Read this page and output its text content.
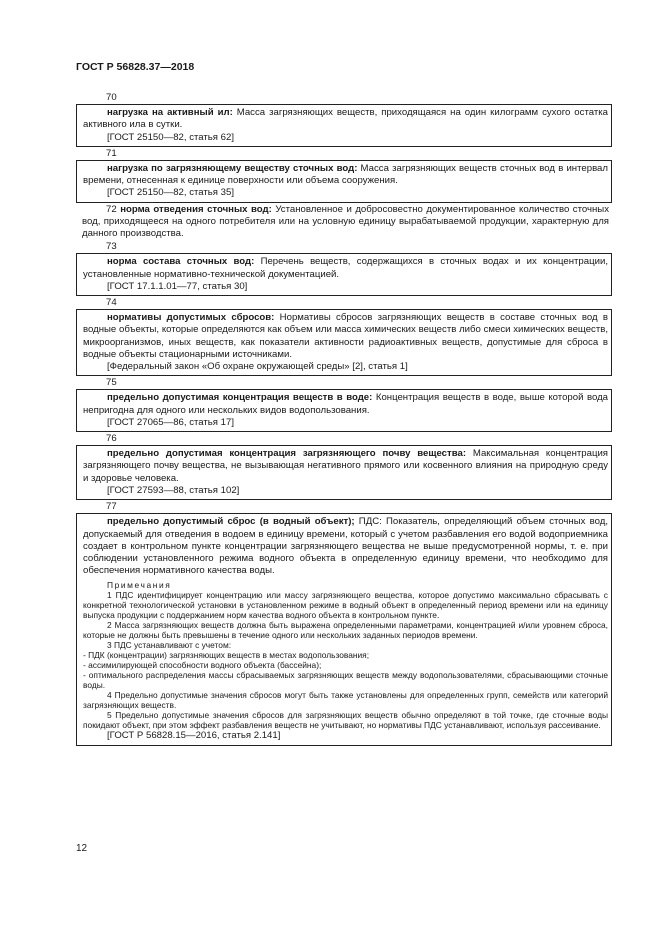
ГОСТ Р 56828.37—2018

70

нагрузка на активный ил: Масса загрязняющих веществ, приходящаяся на один килограмм сухого остатка активного ила в сутки.

[ГОСТ 25150—82, статья 62]

71

нагрузка по загрязняющему веществу сточных вод: Масса загрязняющих веществ сточных вод в интервал времени, отнесенная к единице поверхности или объема сооружения.

[ГОСТ 25150—82, статья 35]

72 норма отведения сточных вод: Установленное и добросовестно документированное количество сточных вод, приходящееся на одного потребителя или на условную единицу вырабатываемой продукции, характерную для данного производства.

73

норма состава сточных вод: Перечень веществ, содержащихся в сточных водах и их концентрации, установленные нормативно-технической документацией.

[ГОСТ 17.1.1.01—77, статья 30]

74

нормативы допустимых сбросов: Нормативы сбросов загрязняющих веществ в составе сточных вод в водные объекты, которые определяются как объем или масса химических веществ либо смеси химических веществ, микроорганизмов, иных веществ, как показатели активности радиоактивных веществ, допустимые для сброса в водные объекты стационарными источниками.

[Федеральный закон «Об охране окружающей среды» [2], статья 1]

75

предельно допустимая концентрация веществ в воде: Концентрация веществ в воде, выше которой вода непригодна для одного или нескольких видов водопользования.

[ГОСТ 27065—86, статья 17]

76

предельно допустимая концентрация загрязняющего почву вещества: Максимальная концентрация загрязняющего почву вещества, не вызывающая негативного прямого или косвенного влияния на природную среду и здоровье человека.

[ГОСТ 27593—88, статья 102]

77

предельно допустимый сброс (в водный объект); ПДС: Показатель, определяющий объем сточных вод, допускаемый для отведения в водоем в единицу времени, который с учетом разбавления его водой водоприемника создает в контрольном пункте концентрации загрязняющего вещества не выше предусмотренной нормы, т. е. при соблюдении установленного режима водного объекта в определенную единицу времени, что необходимо для обеспечения нормативного качества воды.

Примечания

1 ПДС идентифицирует концентрацию или массу загрязняющего вещества, которое допустимо максимально сбрасывать с конкретной технологической установки в установленном режиме в водный объект в определенный период времени или на единицу выпуска продукции с поддержанием норм качества водного объекта в контрольном пункте.

2 Масса загрязняющих веществ должна быть выражена определенными параметрами, концентрацией и/или уровнем сброса, которые не должны быть превышены в течение одного или нескольких заданных периодов времени.

3 ПДС устанавливают с учетом:

- ПДК (концентрации) загрязняющих веществ в местах водопользования;

- ассимилирующей способности водного объекта (бассейна);

- оптимального распределения массы сбрасываемых загрязняющих веществ между водопользователями, сбрасывающими сточные воды.

4 Предельно допустимые значения сбросов могут быть также установлены для определенных групп, семейств или категорий загрязняющих веществ.

5 Предельно допустимые значения сбросов для загрязняющих веществ обычно определяют в той точке, где сточные воды покидают объект, при этом эффект разбавления веществ не учитывают, но нормативы ПДС устанавливают, используя рассеивание.

[ГОСТ Р 56828.15—2016, статья 2.141]

12
